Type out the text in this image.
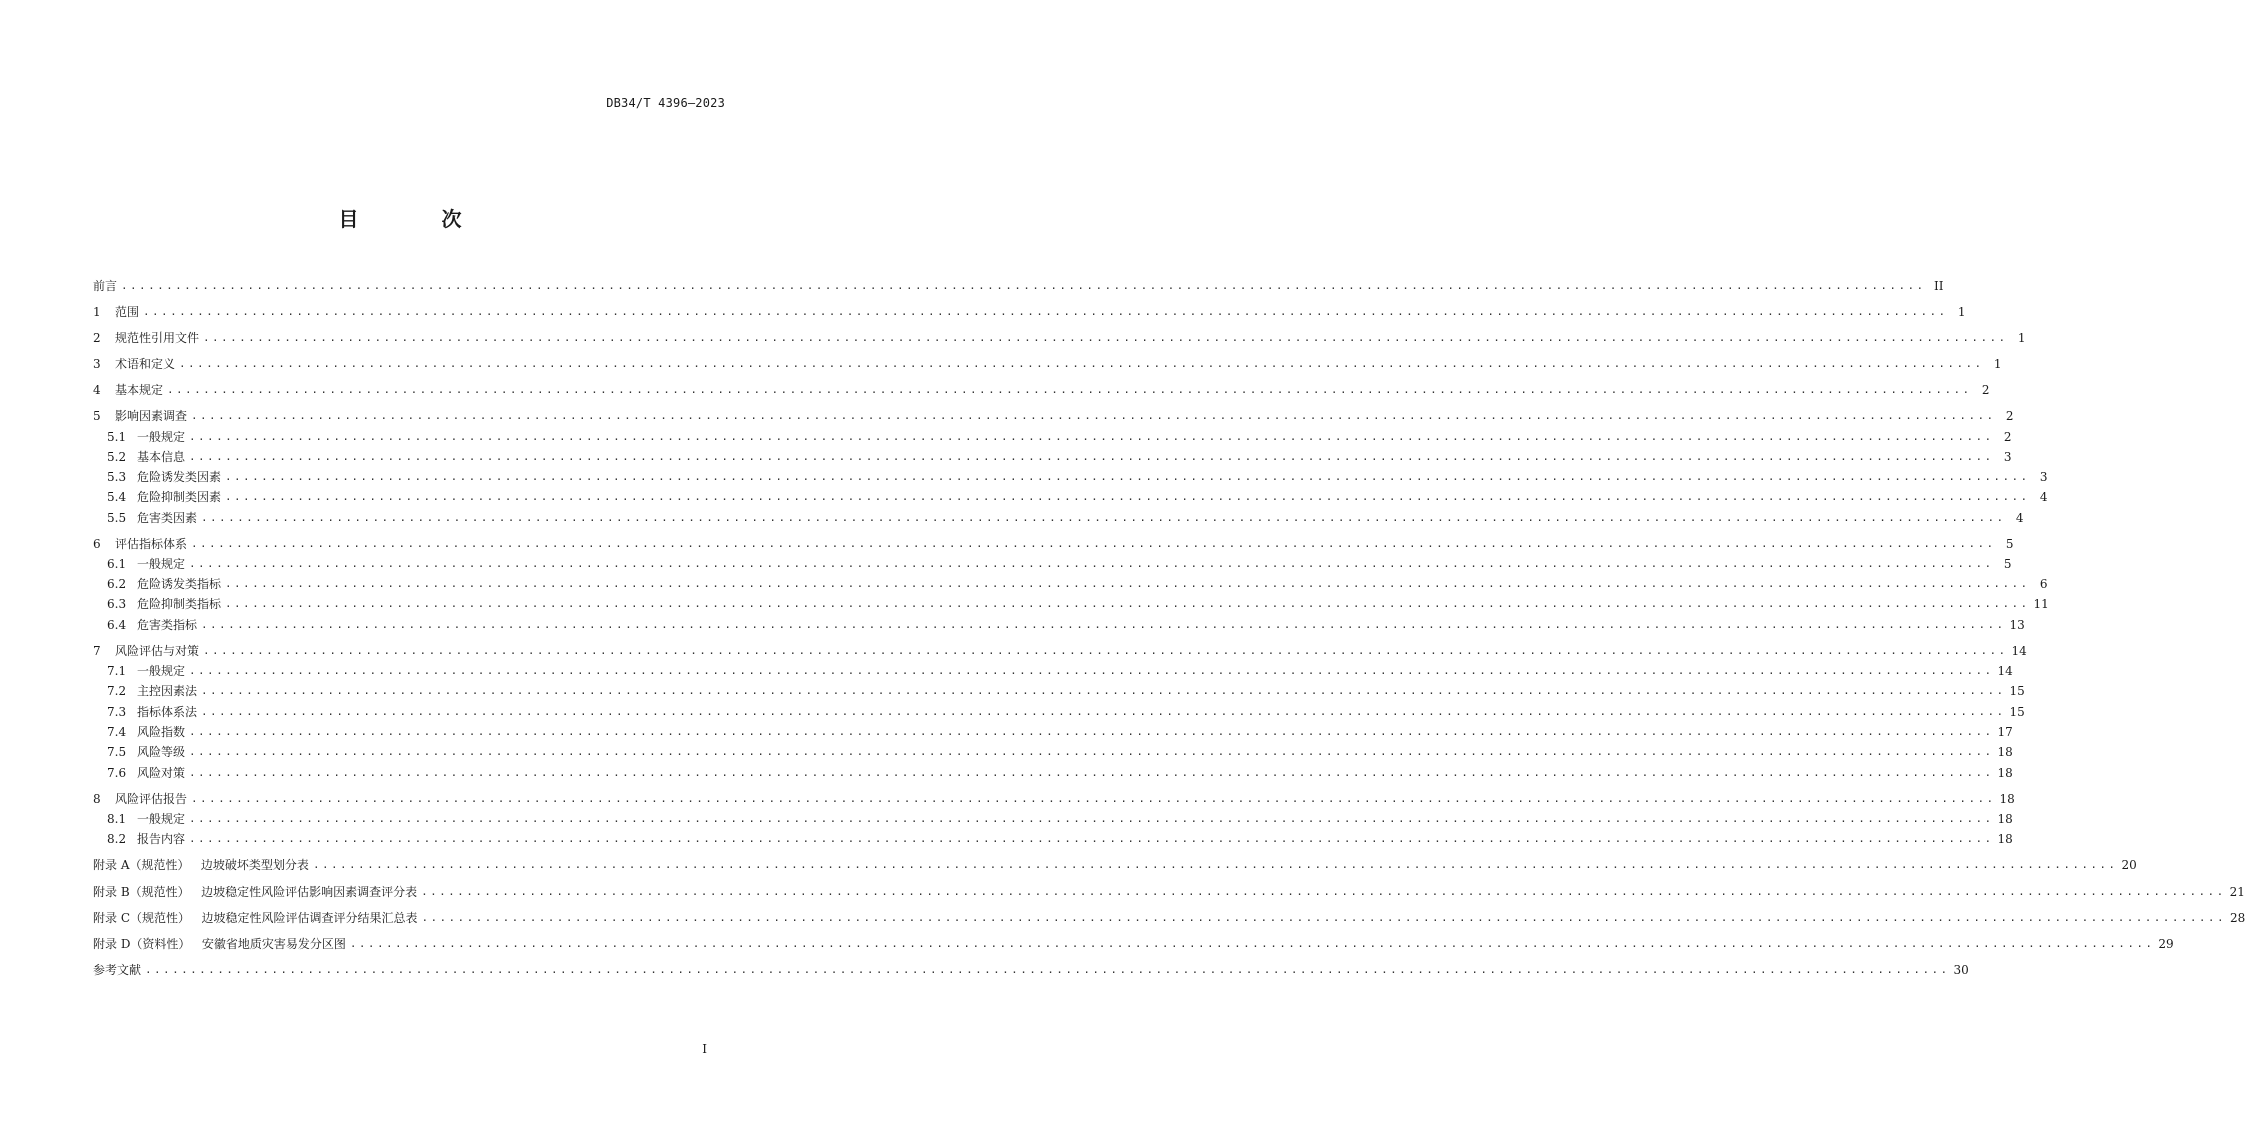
DB34/T 4396—2023
目 次
前言 ........................................................................................................................................................................................................ II
1 范围 ........................................................................................................................................................................................................ 1
2 规范性引用文件 ........................................................................................................................................................................................................ 1
3 术语和定义 ........................................................................................................................................................................................................ 1
4 基本规定 ........................................................................................................................................................................................................ 2
5 影响因素调查 ........................................................................................................................................................................................................ 2
5.1 一般规定 ........................................................................................................................................................................................................ 2
5.2 基本信息 ........................................................................................................................................................................................................ 3
5.3 危险诱发类因素 ........................................................................................................................................................................................................ 3
5.4 危险抑制类因素 ........................................................................................................................................................................................................ 4
5.5 危害类因素 ........................................................................................................................................................................................................ 4
6 评估指标体系 ........................................................................................................................................................................................................ 5
6.1 一般规定 ........................................................................................................................................................................................................ 5
6.2 危险诱发类指标 ........................................................................................................................................................................................................ 6
6.3 危险抑制类指标 ........................................................................................................................................................................................................ 11
6.4 危害类指标 ........................................................................................................................................................................................................ 13
7 风险评估与对策 ........................................................................................................................................................................................................ 14
7.1 一般规定 ........................................................................................................................................................................................................ 14
7.2 主控因素法 ........................................................................................................................................................................................................ 15
7.3 指标体系法 ........................................................................................................................................................................................................ 15
7.4 风险指数 ........................................................................................................................................................................................................ 17
7.5 风险等级 ........................................................................................................................................................................................................ 18
7.6 风险对策 ........................................................................................................................................................................................................ 18
8 风险评估报告 ........................................................................................................................................................................................................ 18
8.1 一般规定 ........................................................................................................................................................................................................ 18
8.2 报告内容 ........................................................................................................................................................................................................ 18
附录 A（规范性）   边坡破坏类型划分表 ........................................................................................................................................................................................................ 20
附录 B（规范性）   边坡稳定性风险评估影响因素调查评分表 ........................................................................................................................................................................................................ 21
附录 C（规范性）   边坡稳定性风险评估调查评分结果汇总表 ........................................................................................................................................................................................................ 28
附录 D（资料性）   安徽省地质灾害易发分区图 ........................................................................................................................................................................................................ 29
参考文献 ........................................................................................................................................................................................................ 30
I
